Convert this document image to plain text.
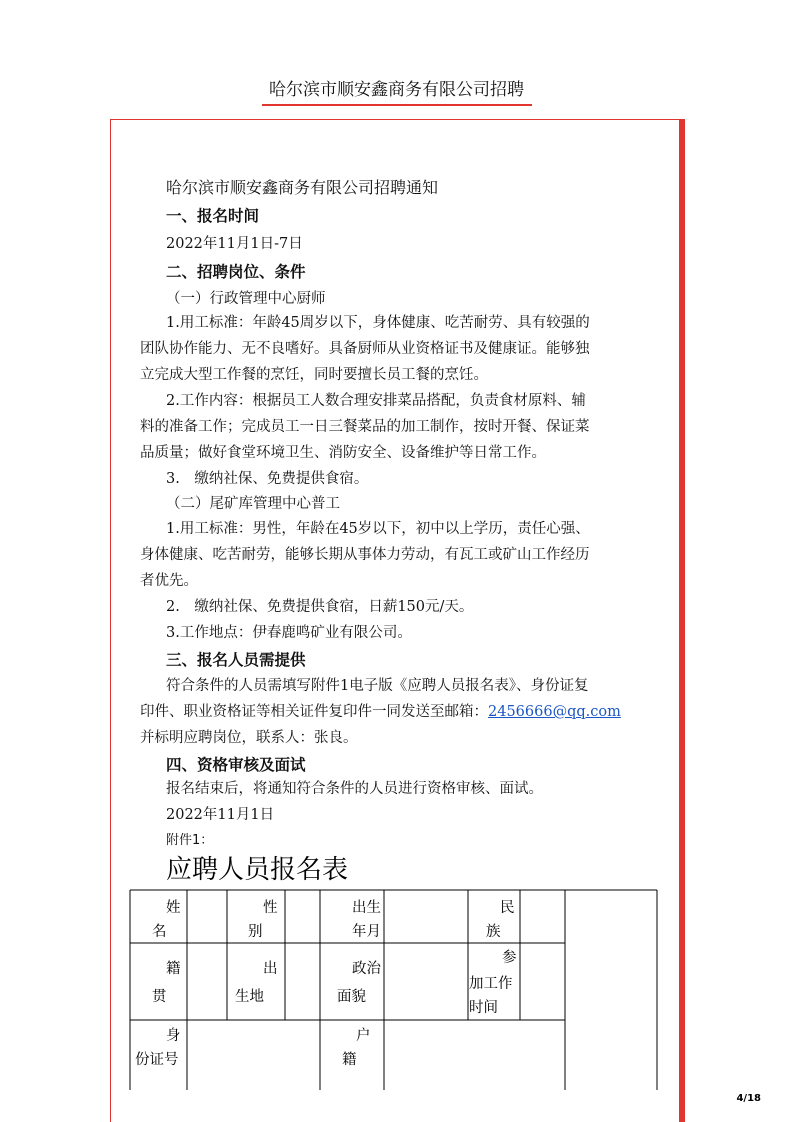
哈尔滨市顺安鑫商务有限公司招聘
哈尔滨市顺安鑫商务有限公司招聘通知
一、报名时间
2022年11月1日-7日
二、招聘岗位、条件
（一）行政管理中心厨师
1.用工标准：年龄45周岁以下，身体健康、吃苦耐劳、具有较强的
团队协作能力、无不良嗜好。具备厨师从业资格证书及健康证。能够独
立完成大型工作餐的烹饪，同时要擅长员工餐的烹饪。
2.工作内容：根据员工人数合理安排菜品搭配，负责食材原料、辅
料的准备工作；完成员工一日三餐菜品的加工制作，按时开餐、保证菜
品质量；做好食堂环境卫生、消防安全、设备维护等日常工作。
3.　缴纳社保、免费提供食宿。
（二）尾矿库管理中心普工
1.用工标准：男性，年龄在45岁以下，初中以上学历，责任心强、
身体健康、吃苦耐劳，能够长期从事体力劳动，有瓦工或矿山工作经历
者优先。
2.　缴纳社保、免费提供食宿，日薪150元/天。
3.工作地点：伊春鹿鸣矿业有限公司。
三、报名人员需提供
符合条件的人员需填写附件1电子版《应聘人员报名表》、身份证复
印件、职业资格证等相关证件复印件一同发送至邮箱：2456666@qq.com
并标明应聘岗位，联系人：张良。
四、资格审核及面试
报名结束后，将通知符合条件的人员进行资格审核、面试。
2022年11月1日
附件1：
应聘人员报名表
姓
名
性
别
出生
年月
民
族
籍
贯
出
生地
政治
面貌
参
加工作
时间
身
份证号
户
籍
4/18
